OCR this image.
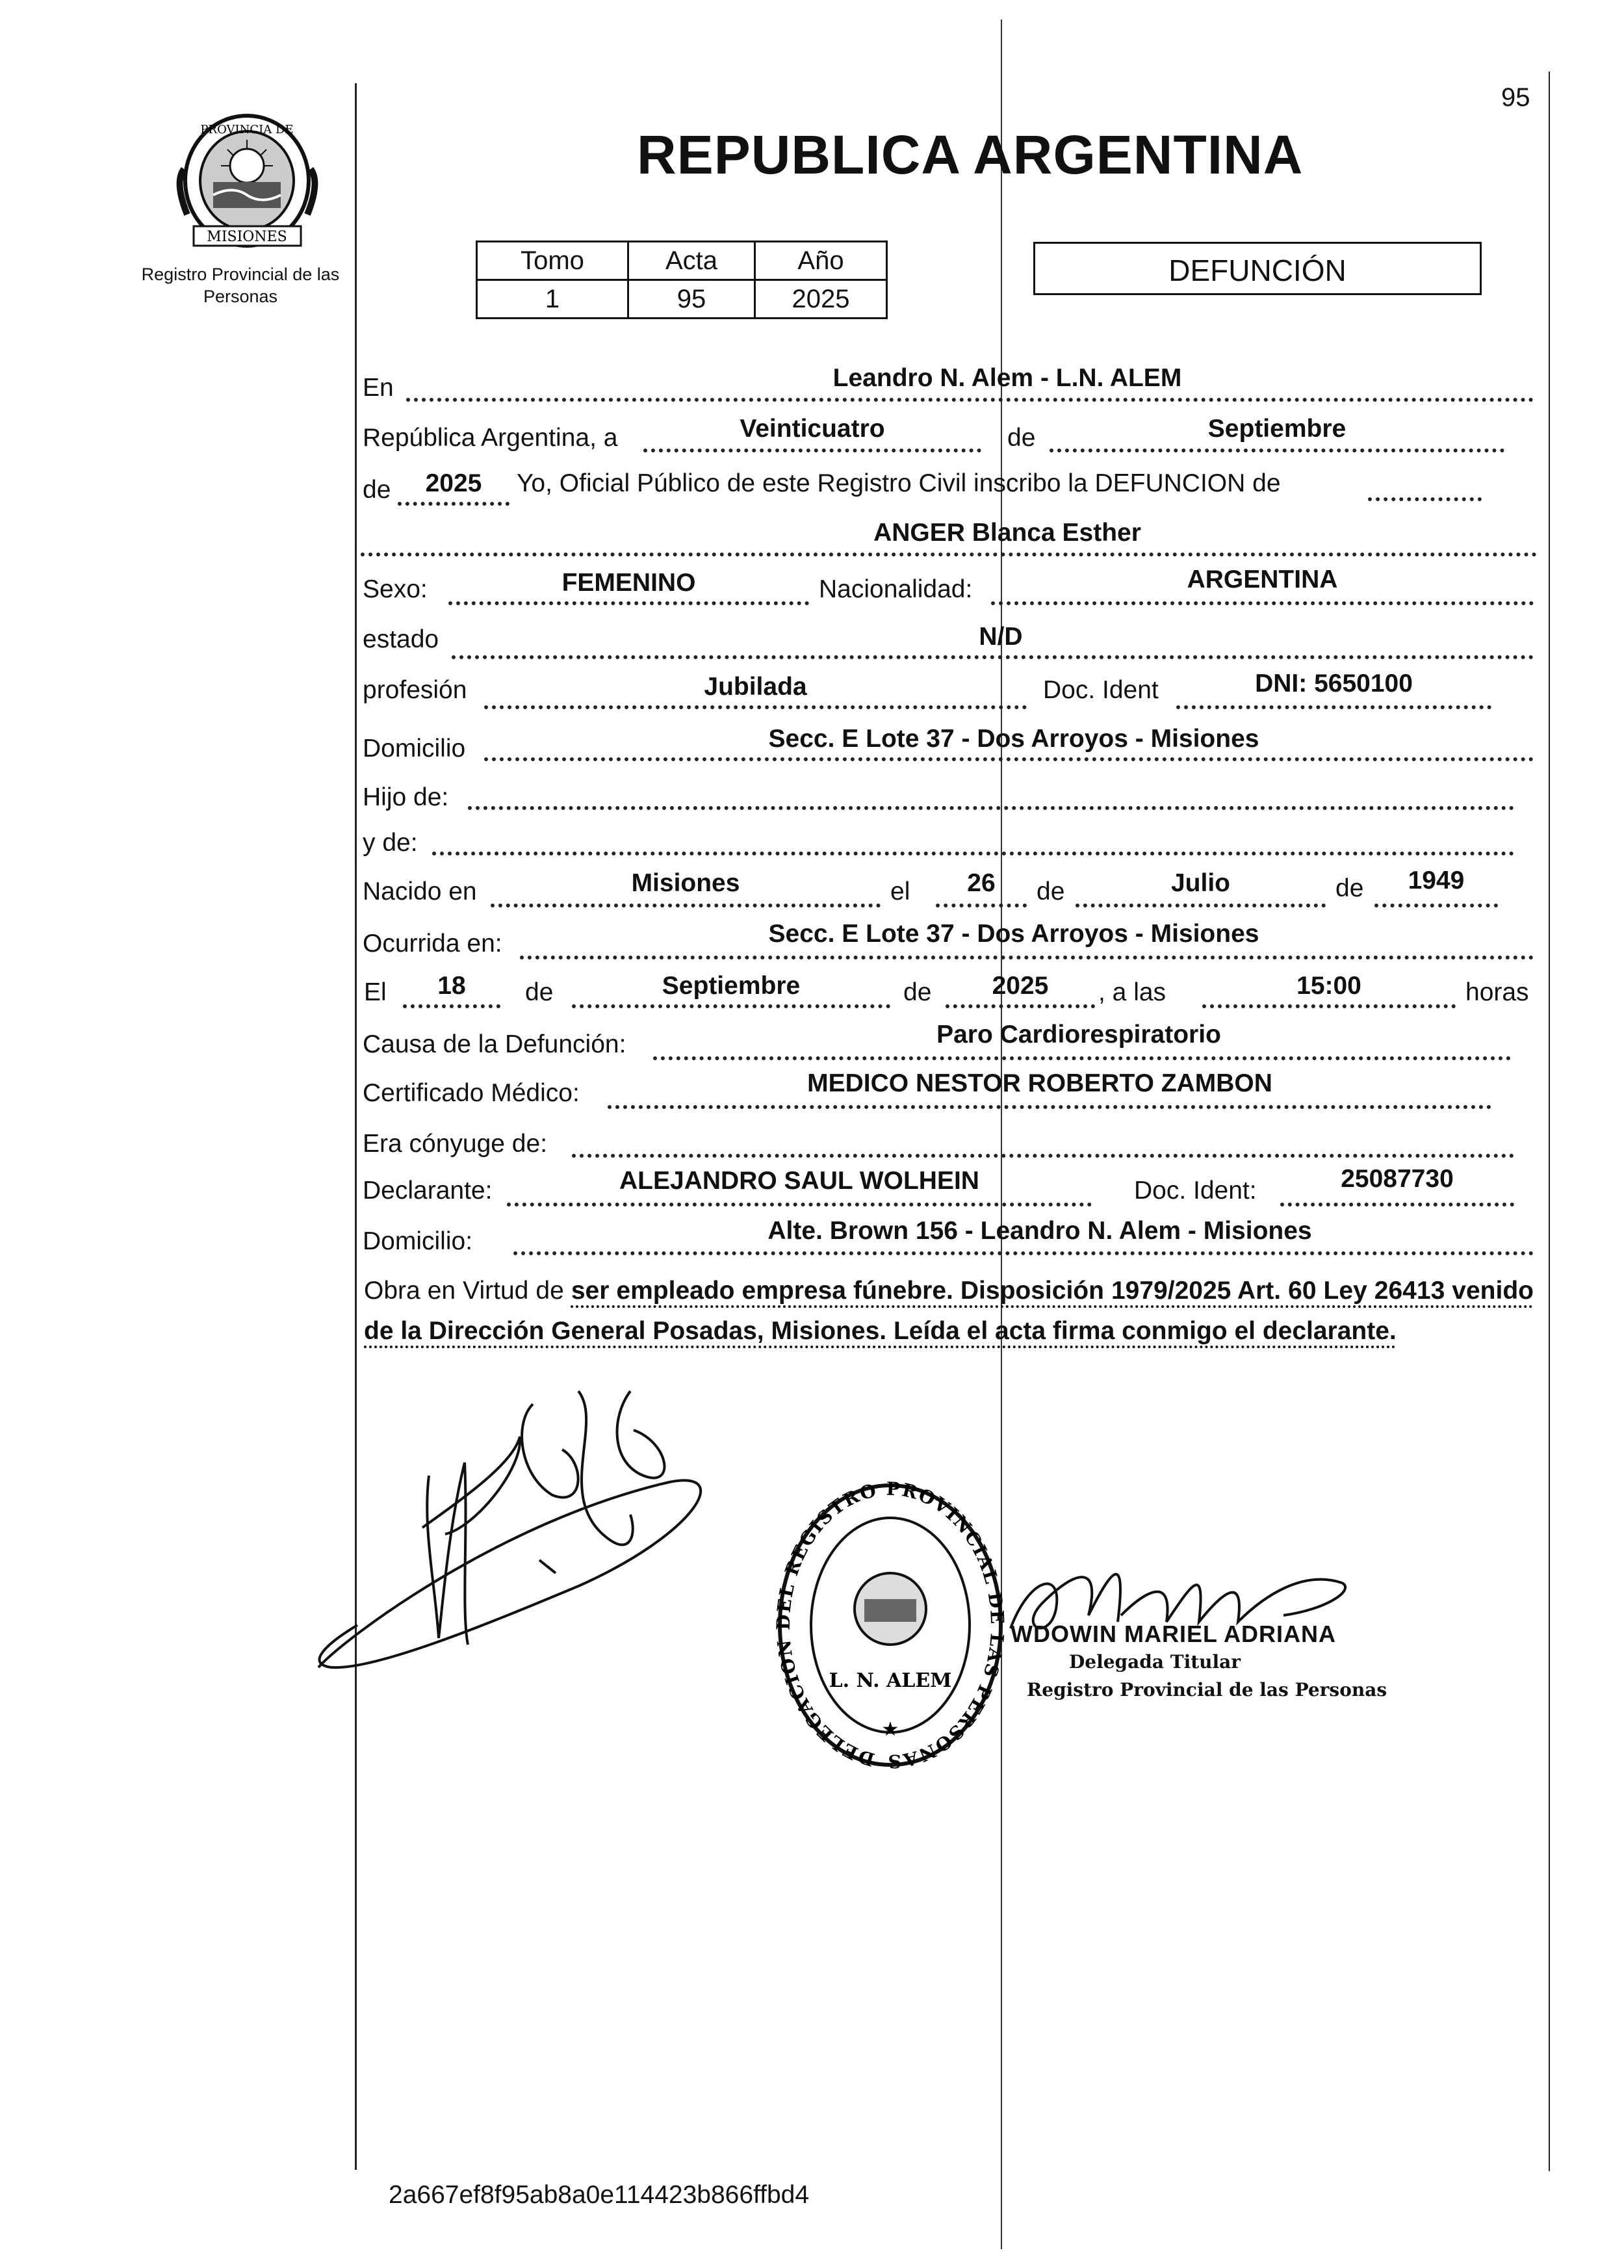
95
MISIONES
PROVINCIA DE
Registro Provincial de las Personas
REPUBLICA ARGENTINA
Tomo	Acta	Año
1	95	2025
DEFUNCIÓN
En	Leandro N. Alem - L.N. ALEM
República Argentina, a	Veinticuatro	de	Septiembre
de	2025	Yo, Oficial Público de este Registro Civil inscribo la DEFUNCION de
ANGER Blanca Esther
Sexo:	FEMENINO	Nacionalidad:	ARGENTINA
estado	N/D
profesión	Jubilada	Doc. Ident	DNI: 5650100
Domicilio	Secc. E Lote 37 - Dos Arroyos - Misiones
Hijo de:
y de:
Nacido en	Misiones	el	26	de	Julio	de	1949
Ocurrida en:	Secc. E Lote 37 - Dos Arroyos - Misiones
El	18	de	Septiembre	de	2025	, a las	15:00	horas
Causa de la Defunción:	Paro Cardiorespiratorio
Certificado Médico:	MEDICO NESTOR ROBERTO ZAMBON
Era cónyuge de:
Declarante:	ALEJANDRO SAUL WOLHEIN	Doc. Ident:	25087730
Domicilio:	Alte. Brown 156 - Leandro N. Alem - Misiones
Obra en Virtud de ser empleado empresa fúnebre. Disposición 1979/2025 Art. 60 Ley 26413 venido de la Dirección General Posadas, Misiones. Leída el acta firma conmigo el declarante.
DELEGACION DEL REGISTRO PROVINCIAL DE LAS PERSONAS
L. N. ALEM
★
WDOWIN MARIEL ADRIANA
Delegada Titular
Registro Provincial de las Personas
2a667ef8f95ab8a0e114423b866ffbd4
